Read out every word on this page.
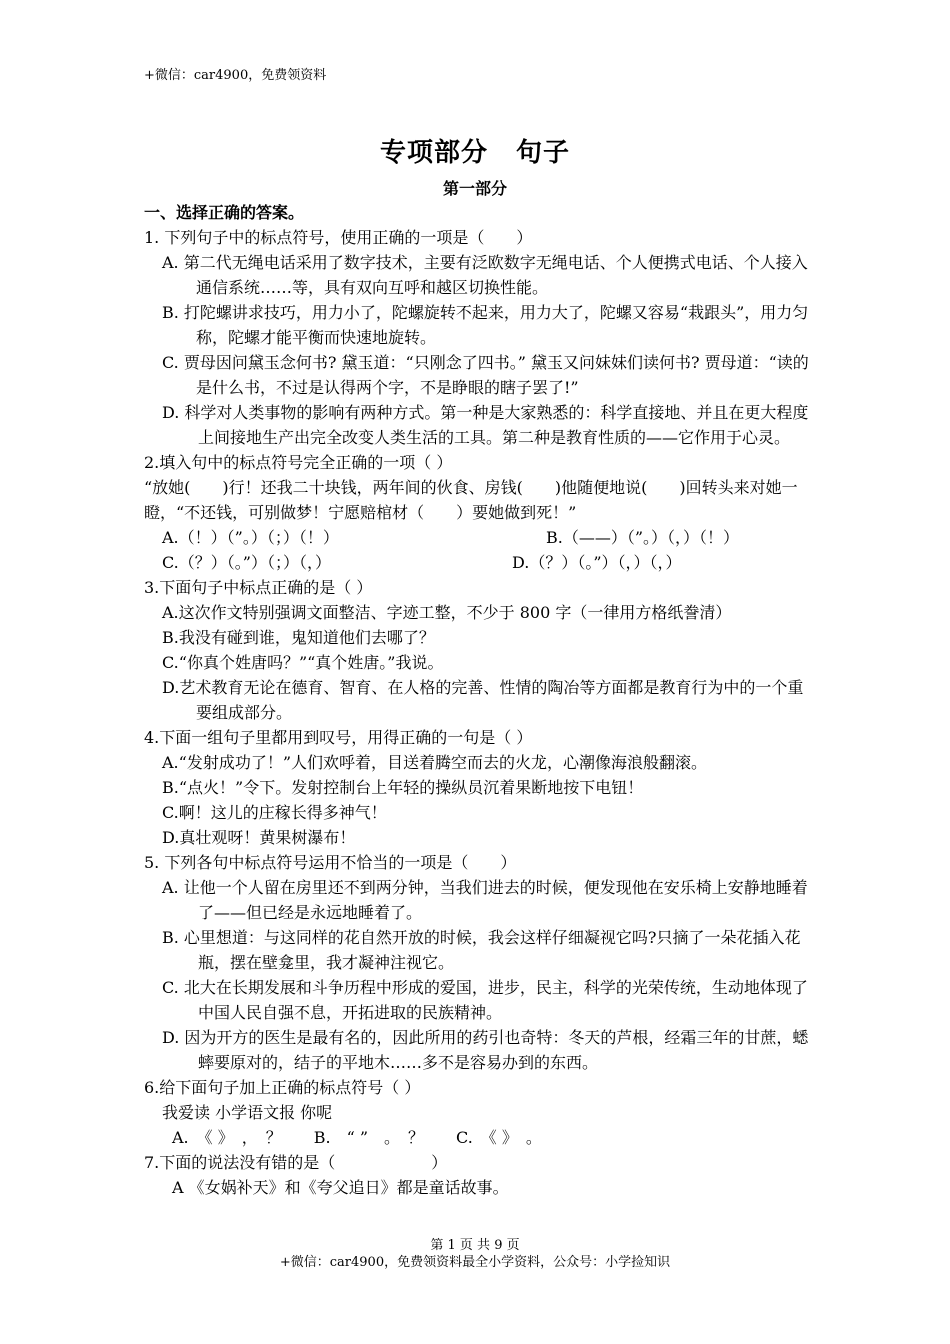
+微信：car4900，免费领资料
专项部分 句子
第一部分
一、选择正确的答案。
1. 下列句子中的标点符号，使用正确的一项是（　　）
A. 第二代无绳电话采用了数字技术，主要有泛欧数字无绳电话、个人便携式电话、个人接入通信系统……等，具有双向互呼和越区切换性能。
B. 打陀螺讲求技巧，用力小了，陀螺旋转不起来，用力大了，陀螺又容易“栽跟头”，用力匀称，陀螺才能平衡而快速地旋转。
C. 贾母因问黛玉念何书? 黛玉道：“只刚念了四书。” 黛玉又问妹妹们读何书? 贾母道：“读的是什么书，不过是认得两个字，不是睁眼的瞎子罢了!”
D. 科学对人类事物的影响有两种方式。第一种是大家熟悉的：科学直接地、并且在更大程度上间接地生产出完全改变人类生活的工具。第二种是教育性质的——它作用于心灵。
2.填入句中的标点符号完全正确的一项（ ）
“放她(　　)行！还我二十块钱，两年间的伙食、房钱(　　)他随便地说(　　)回转头来对她一瞪，“不还钱，可别做梦！宁愿赔棺材（　　）要她做到死！”
A.（！）（”。）（；）（！）	B.（——）（”。）（，）（！）
C.（？）（。”）（；）（，）	D.（？）（。”）（，）（，）
3.下面句子中标点正确的是（ ）
A.这次作文特别强调文面整洁、字迹工整，不少于 800 字（一律用方格纸誊清）
B.我没有碰到谁，鬼知道他们去哪了？
C.“你真个姓唐吗？”“真个姓唐。”我说。
D.艺术教育无论在德育、智育、在人格的完善、性情的陶冶等方面都是教育行为中的一个重要组成部分。
4.下面一组句子里都用到叹号，用得正确的一句是（ ）
A.“发射成功了！”人们欢呼着，目送着腾空而去的火龙，心潮像海浪般翻滚。
B.“点火！”令下。发射控制台上年轻的操纵员沉着果断地按下电钮！
C.啊！这儿的庄稼长得多神气！
D.真壮观呀！黄果树瀑布！
5. 下列各句中标点符号运用不恰当的一项是（　　）
A. 让他一个人留在房里还不到两分钟，当我们进去的时候，便发现他在安乐椅上安静地睡着了——但已经是永远地睡着了。
B. 心里想道：与这同样的花自然开放的时候，我会这样仔细凝视它吗?只摘了一朵花插入花瓶，摆在壁龛里，我才凝神注视它。
C. 北大在长期发展和斗争历程中形成的爱国，进步，民主，科学的光荣传统，生动地体现了中国人民自强不息，开拓进取的民族精神。
D. 因为开方的医生是最有名的，因此所用的药引也奇特：冬天的芦根，经霜三年的甘蔗，蟋蟀要原对的，结子的平地木……多不是容易办到的东西。
6.给下面句子加上正确的标点符号（ ）
我爱读 小学语文报 你呢
A.　《 》　，　？　　B.　“ ”　。　？　　C.　《 》　。
7.下面的说法没有错的是（　　　　　　）
A 《女娲补天》和《夸父追日》都是童话故事。
第 1 页 共 9 页
+微信：car4900，免费领资料最全小学资料，公众号：小学捡知识
